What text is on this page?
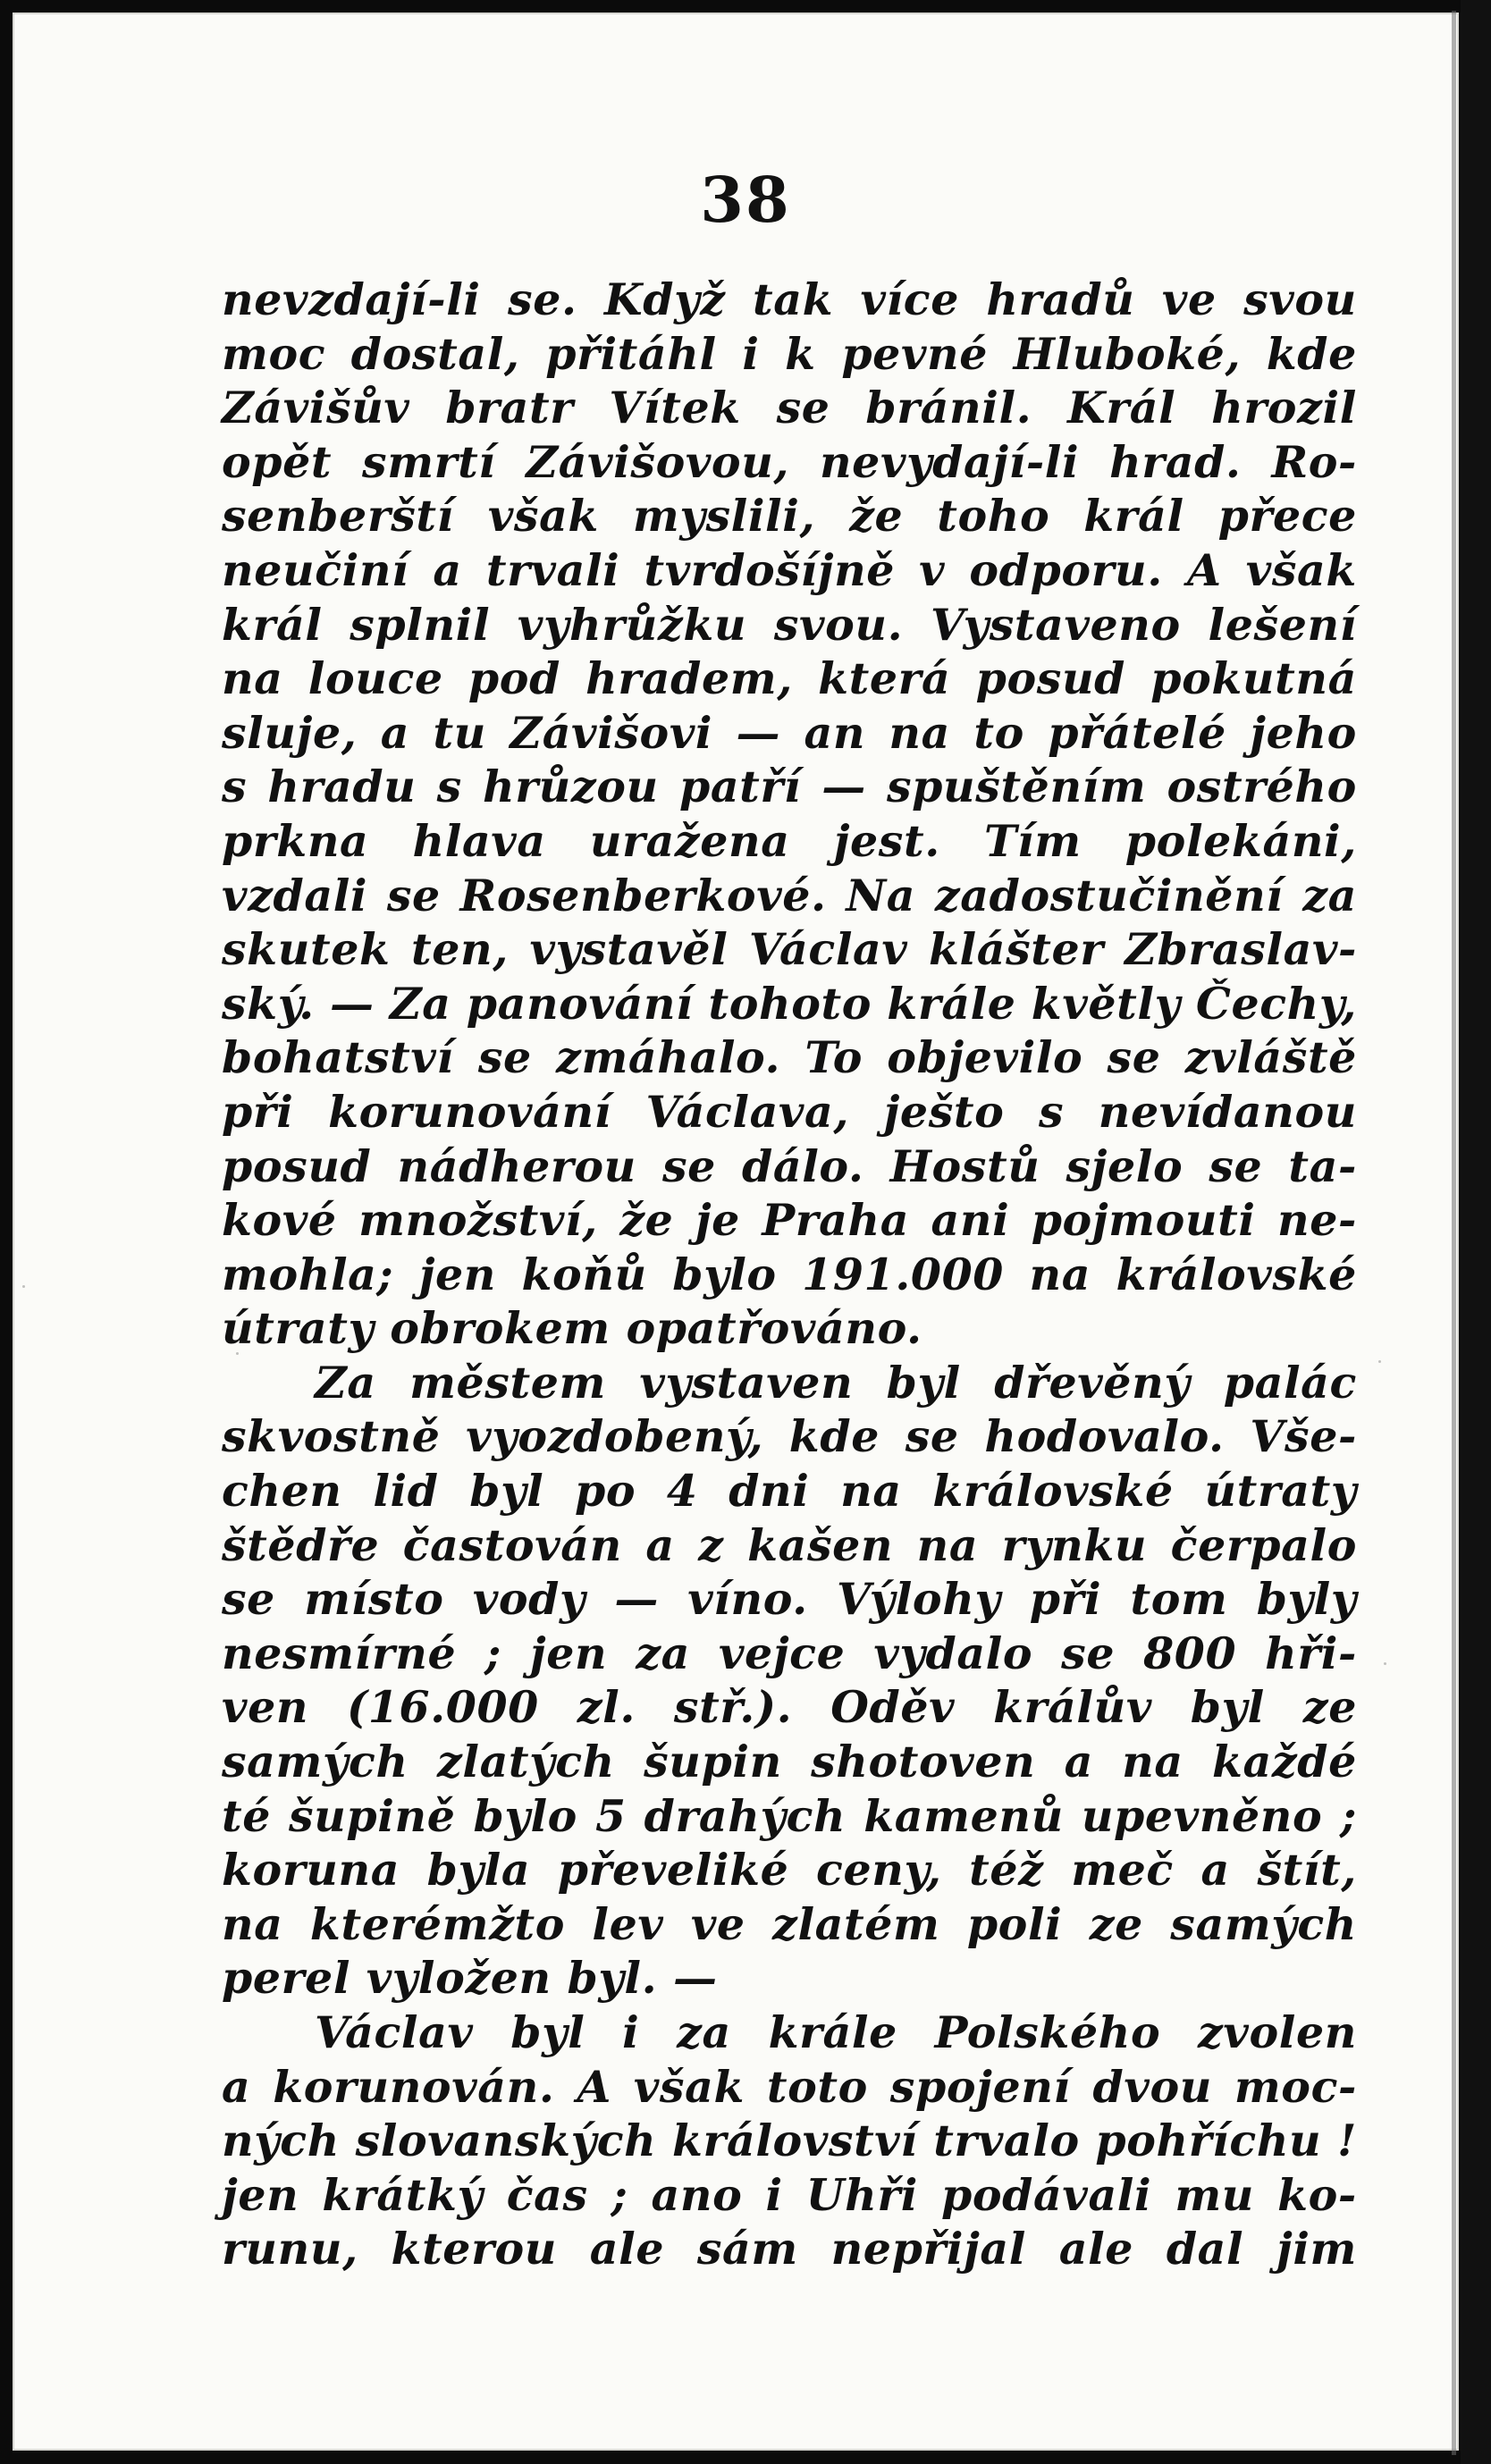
38
nevzdají-li se. Když tak více hradů ve svou
moc dostal, přitáhl i k pevné Hluboké, kde
Závišův bratr Vítek se bránil. Král hrozil
opět smrtí Závišovou, nevydají-li hrad. Ro-
senberští však myslili, že toho král přece
neučiní a trvali tvrdošíjně v odporu. A však
král splnil vyhrůžku svou. Vystaveno lešení
na louce pod hradem, která posud pokutná
sluje, a tu Závišovi — an na to přátelé jeho
s hradu s hrůzou patří — spuštěním ostrého
prkna hlava uražena jest. Tím polekáni,
vzdali se Rosenberkové. Na zadostučinění za
skutek ten, vystavěl Václav klášter Zbraslav-
ský. — Za panování tohoto krále květly Čechy,
bohatství se zmáhalo. To objevilo se zvláště
při korunování Václava, ješto s nevídanou
posud nádherou se dálo. Hostů sjelo se ta-
kové množství, že je Praha ani pojmouti ne-
mohla; jen koňů bylo 191.000 na královské
útraty
obrokem
opatřováno.

Za městem vystaven byl dřevěný palác
skvostně vyozdobený, kde se hodovalo. Vše-
chen lid byl po 4 dni na královské útraty
štědře častován a z kašen na rynku čerpalo
se místo vody — víno. Výlohy při tom byly
nesmírné ; jen za vejce vydalo se 800 hři-
ven (16.000 zl. stř.). Oděv králův byl ze
samých zlatých šupin shotoven a na každé
té šupině bylo 5 drahých kamenů upevněno ;
koruna byla převeliké ceny, též meč a štít,
na kterémžto lev ve zlatém poli ze samých
perel
vyložen
byl.
—

Václav byl i za krále Polského zvolen
a korunován. A však toto spojení dvou moc-
ných slovanských království trvalo pohříchu !
jen krátký čas ; ano i Uhři podávali mu ko-
runu, kterou ale sám nepřijal ale dal jim
